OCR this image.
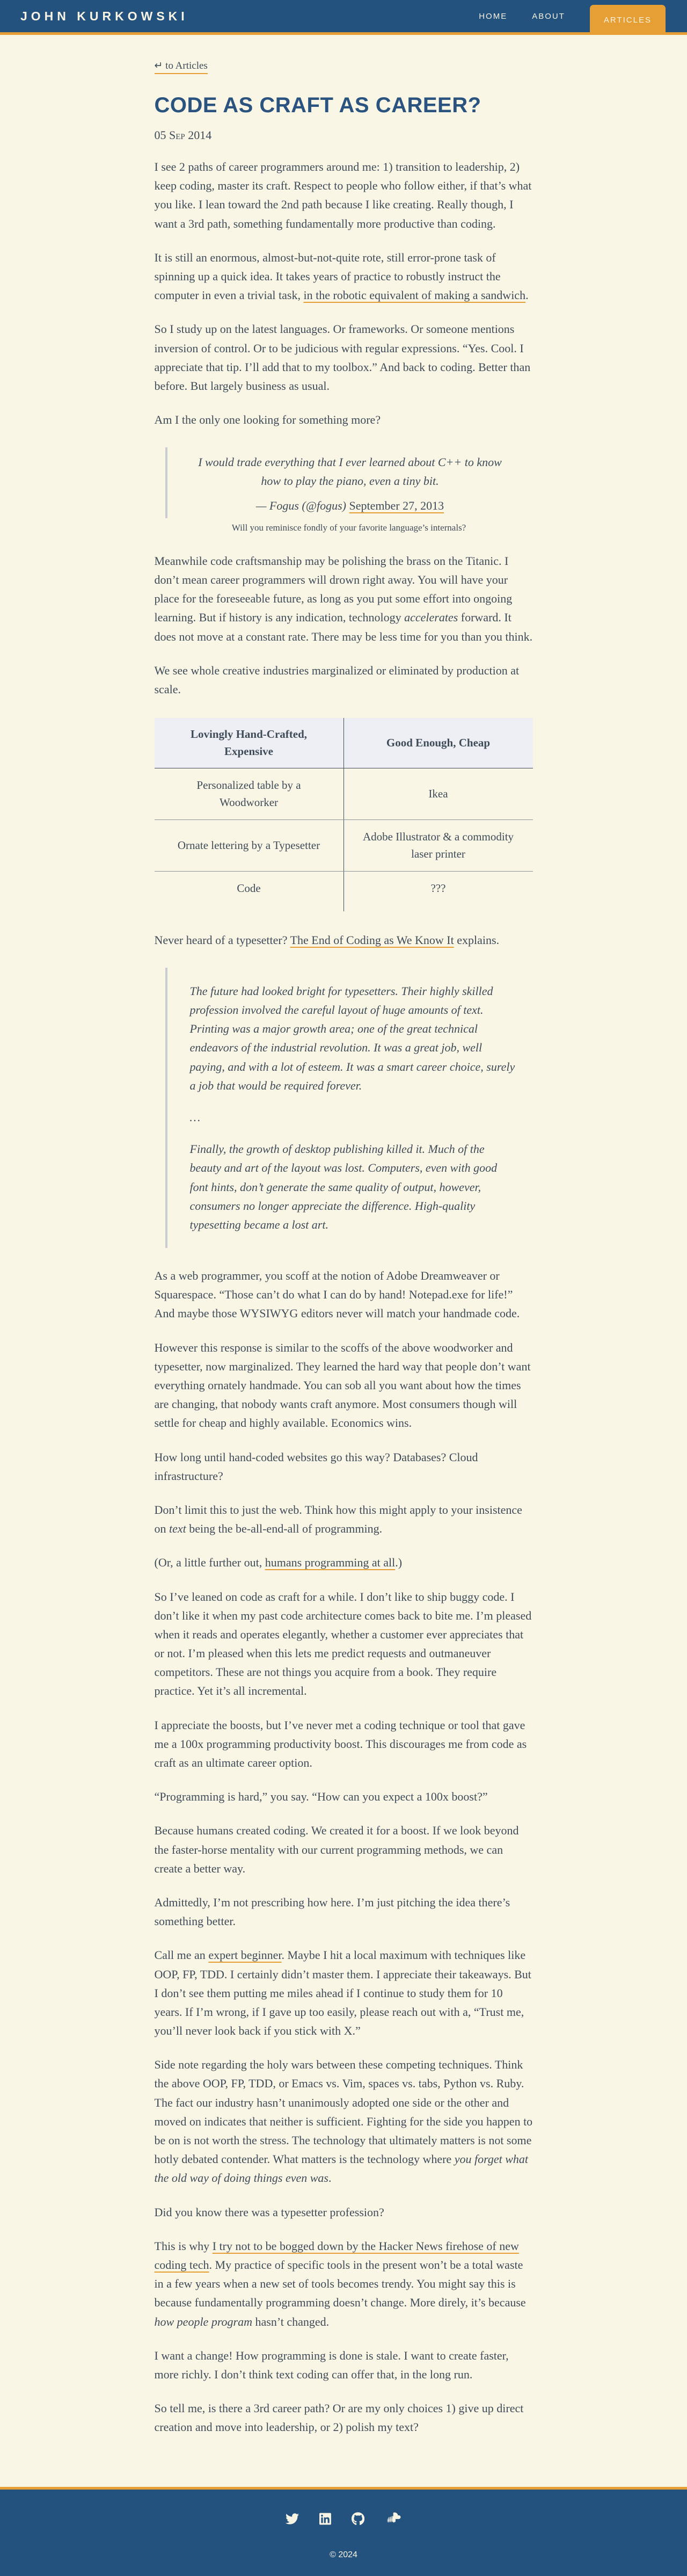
JOHN KURKOWSKI	HOME	ABOUT	ARTICLES
↵ to Articles
CODE AS CRAFT AS CAREER?
05 Sep 2014

I see 2 paths of career programmers around me: 1) transition to leadership, 2) keep coding, master its craft. Respect to people who follow either, if that’s what you like. I lean toward the 2nd path because I like creating. Really though, I want a 3rd path, something fundamentally more productive than coding.

It is still an enormous, almost-but-not-quite rote, still error-prone task of spinning up a quick idea. It takes years of practice to robustly instruct the computer in even a trivial task, in the robotic equivalent of making a sandwich.

So I study up on the latest languages. Or frameworks. Or someone mentions inversion of control. Or to be judicious with regular expressions. “Yes. Cool. I appreciate that tip. I’ll add that to my toolbox.” And back to coding. Better than before. But largely business as usual.

Am I the only one looking for something more?

I would trade everything that I ever learned about C++ to know how to play the piano, even a tiny bit.

— Fogus (@fogus) September 27, 2013

Will you reminisce fondly of your favorite language’s internals?

Meanwhile code craftsmanship may be polishing the brass on the Titanic. I don’t mean career programmers will drown right away. You will have your place for the foreseeable future, as long as you put some effort into ongoing learning. But if history is any indication, technology accelerates forward. It does not move at a constant rate. There may be less time for you than you think.

We see whole creative industries marginalized or eliminated by production at scale.

Lovingly Hand-Crafted, Expensive	Good Enough, Cheap
Personalized table by a Woodworker	Ikea
Ornate lettering by a Typesetter	Adobe Illustrator & a commodity laser printer
Code	???

Never heard of a typesetter? The End of Coding as We Know It explains.

The future had looked bright for typesetters. Their highly skilled profession involved the careful layout of huge amounts of text. Printing was a major growth area; one of the great technical endeavors of the industrial revolution. It was a great job, well paying, and with a lot of esteem. It was a smart career choice, surely a job that would be required forever.

…

Finally, the growth of desktop publishing killed it. Much of the beauty and art of the layout was lost. Computers, even with good font hints, don’t generate the same quality of output, however, consumers no longer appreciate the difference. High-quality typesetting became a lost art.

As a web programmer, you scoff at the notion of Adobe Dreamweaver or Squarespace. “Those can’t do what I can do by hand! Notepad.exe for life!” And maybe those WYSIWYG editors never will match your handmade code.

However this response is similar to the scoffs of the above woodworker and typesetter, now marginalized. They learned the hard way that people don’t want everything ornately handmade. You can sob all you want about how the times are changing, that nobody wants craft anymore. Most consumers though will settle for cheap and highly available. Economics wins.

How long until hand-coded websites go this way? Databases? Cloud infrastructure?

Don’t limit this to just the web. Think how this might apply to your insistence on text being the be-all-end-all of programming.

(Or, a little further out, humans programming at all.)

So I’ve leaned on code as craft for a while. I don’t like to ship buggy code. I don’t like it when my past code architecture comes back to bite me. I’m pleased when it reads and operates elegantly, whether a customer ever appreciates that or not. I’m pleased when this lets me predict requests and outmaneuver competitors. These are not things you acquire from a book. They require practice. Yet it’s all incremental.

I appreciate the boosts, but I’ve never met a coding technique or tool that gave me a 100x programming productivity boost. This discourages me from code as craft as an ultimate career option.

“Programming is hard,” you say. “How can you expect a 100x boost?”

Because humans created coding. We created it for a boost. If we look beyond the faster-horse mentality with our current programming methods, we can create a better way.

Admittedly, I’m not prescribing how here. I’m just pitching the idea there’s something better.

Call me an expert beginner. Maybe I hit a local maximum with techniques like OOP, FP, TDD. I certainly didn’t master them. I appreciate their takeaways. But I don’t see them putting me miles ahead if I continue to study them for 10 years. If I’m wrong, if I gave up too easily, please reach out with a, “Trust me, you’ll never look back if you stick with X.”

Side note regarding the holy wars between these competing techniques. Think the above OOP, FP, TDD, or Emacs vs. Vim, spaces vs. tabs, Python vs. Ruby. The fact our industry hasn’t unanimously adopted one side or the other and moved on indicates that neither is sufficient. Fighting for the side you happen to be on is not worth the stress. The technology that ultimately matters is not some hotly debated contender. What matters is the technology where you forget what the old way of doing things even was.

Did you know there was a typesetter profession?

This is why I try not to be bogged down by the Hacker News firehose of new coding tech. My practice of specific tools in the present won’t be a total waste in a few years when a new set of tools becomes trendy. You might say this is because fundamentally programming doesn’t change. More direly, it’s because how people program hasn’t changed.

I want a change! How programming is done is stale. I want to create faster, more richly. I don’t think text coding can offer that, in the long run.

So tell me, is there a 3rd career path? Or are my only choices 1) give up direct creation and move into leadership, or 2) polish my text?

© 2024
